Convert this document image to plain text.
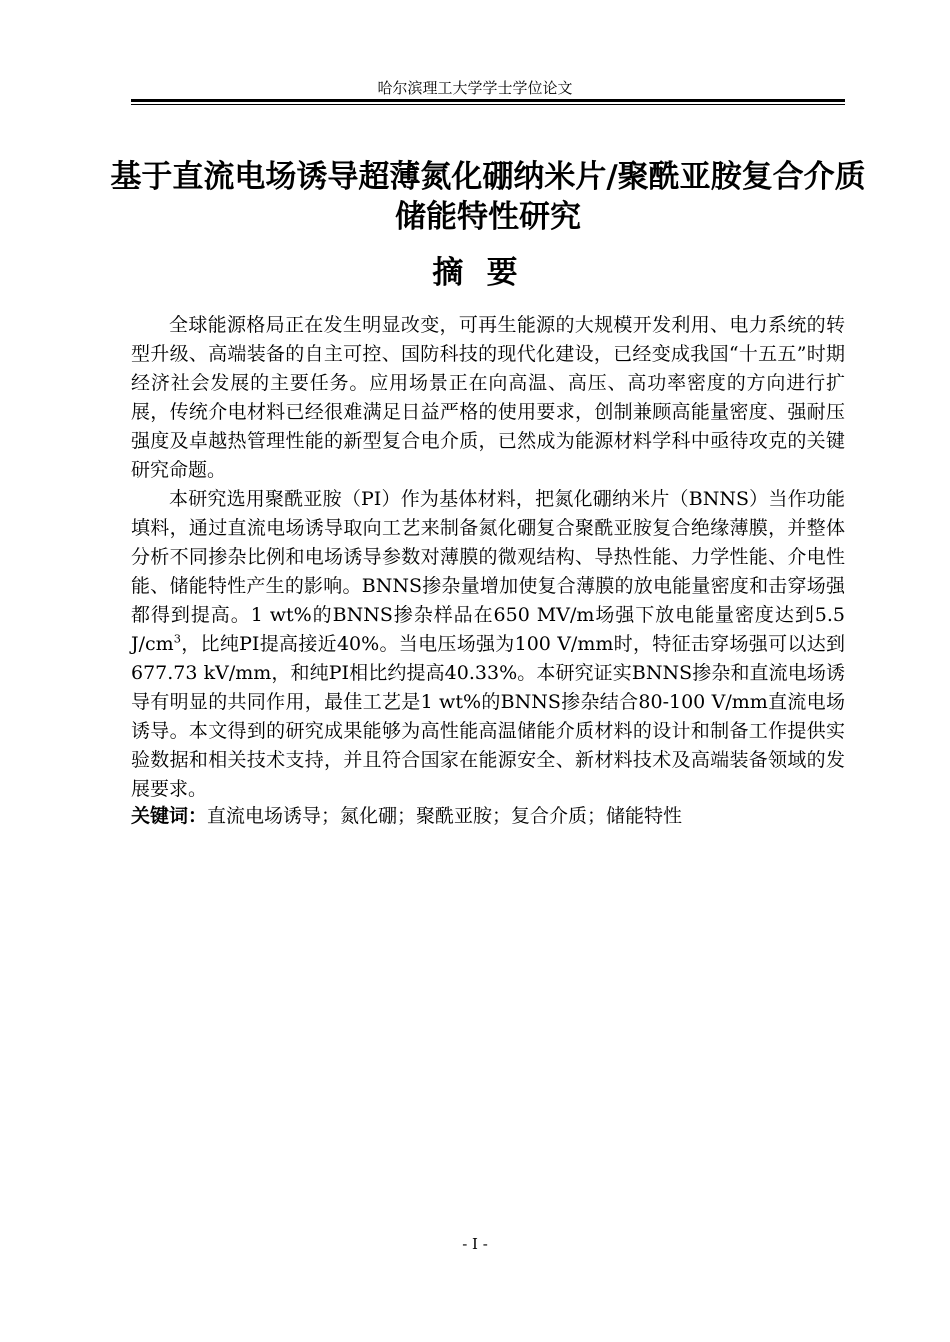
哈尔滨理工大学学士学位论文
基于直流电场诱导超薄氮化硼纳米片/聚酰亚胺复合介质储能特性研究
摘要

全球能源格局正在发生明显改变，可再生能源的大规模开发利用、电力系统的转型升级、高端装备的自主可控、国防科技的现代化建设，已经变成我国“十五五”时期经济社会发展的主要任务。应用场景正在向高温、高压、高功率密度的方向进行扩展，传统介电材料已经很难满足日益严格的使用要求，创制兼顾高能量密度、强耐压强度及卓越热管理性能的新型复合电介质，已然成为能源材料学科中亟待攻克的关键研究命题。

本研究选用聚酰亚胺（PI）作为基体材料，把氮化硼纳米片（BNNS）当作功能填料，通过直流电场诱导取向工艺来制备氮化硼复合聚酰亚胺复合绝缘薄膜，并整体分析不同掺杂比例和电场诱导参数对薄膜的微观结构、导热性能、力学性能、介电性能、储能特性产生的影响。BNNS掺杂量增加使复合薄膜的放电能量密度和击穿场强都得到提高。1 wt%的BNNS掺杂样品在650 MV/m场强下放电能量密度达到5.5 $J/cm^3$，比纯PI提高接近40%。当电压场强为100 V/mm时，特征击穿场强可以达到677.73 kV/mm，和纯PI相比约提高40.33%。本研究证实BNNS掺杂和直流电场诱导有明显的共同作用，最佳工艺是1 wt%的BNNS掺杂结合80-100 V/mm直流电场诱导。本文得到的研究成果能够为高性能高温储能介质材料的设计和制备工作提供实验数据和相关技术支持，并且符合国家在能源安全、新材料技术及高端装备领域的发展要求。

关键词：直流电场诱导；氮化硼；聚酰亚胺；复合介质；储能特性

- I -
